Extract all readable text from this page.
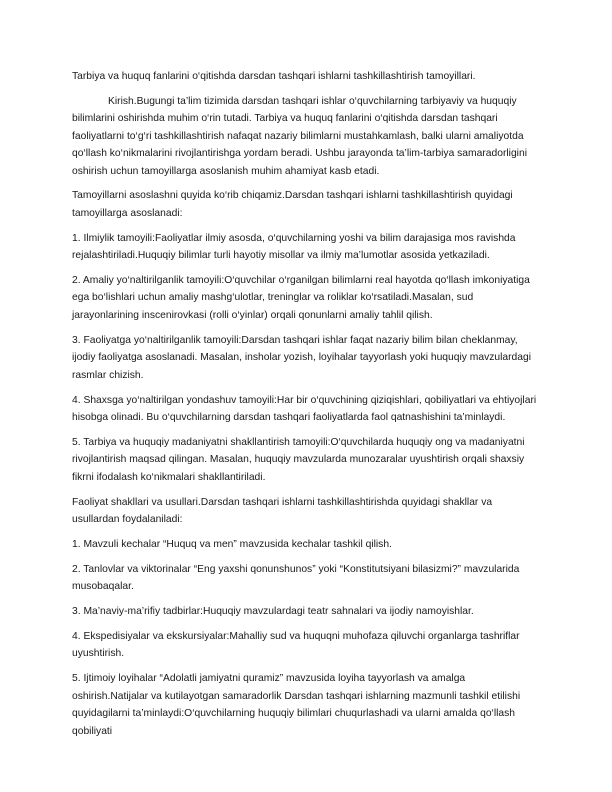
Tarbiya va huquq fanlarini o‘qitishda darsdan tashqari ishlarni tashkillashtirish tamoyillari.

Kirish.Bugungi ta’lim tizimida darsdan tashqari ishlar o‘quvchilarning tarbiyaviy va huquqiy bilimlarini oshirishda muhim o‘rin tutadi. Tarbiya va huquq fanlarini o‘qitishda darsdan tashqari faoliyatlarni to‘g‘ri tashkillashtirish nafaqat nazariy bilimlarni mustahkamlash, balki ularni amaliyotda qo‘llash ko‘nikmalarini rivojlantirishga yordam beradi. Ushbu jarayonda ta’lim-tarbiya samaradorligini oshirish uchun tamoyillarga asoslanish muhim ahamiyat kasb etadi.

Tamoyillarni asoslashni quyida ko‘rib chiqamiz.Darsdan tashqari ishlarni tashkillashtirish quyidagi tamoyillarga asoslanadi:

1. Ilmiylik tamoyili:Faoliyatlar ilmiy asosda, o‘quvchilarning yoshi va bilim darajasiga mos ravishda rejalashtiriladi.Huquqiy bilimlar turli hayotiy misollar va ilmiy ma’lumotlar asosida yetkaziladi.

2. Amaliy yo‘naltirilganlik tamoyili:O‘quvchilar o‘rganilgan bilimlarni real hayotda qo‘llash imkoniyatiga ega bo‘lishlari uchun amaliy mashg‘ulotlar, treninglar va roliklar ko‘rsatiladi.Masalan, sud jarayonlarining inscenirovkasi (rolli o‘yinlar) orqali qonunlarni amaliy tahlil qilish.

3. Faoliyatga yo‘naltirilganlik tamoyili:Darsdan tashqari ishlar faqat nazariy bilim bilan cheklanmay, ijodiy faoliyatga asoslanadi. Masalan, insholar yozish, loyihalar tayyorlash yoki huquqiy mavzulardagi rasmlar chizish.

4. Shaxsga yo‘naltirilgan yondashuv tamoyili:Har bir o‘quvchining qiziqishlari, qobiliyatlari va ehtiyojlari hisobga olinadi. Bu o‘quvchilarning darsdan tashqari faoliyatlarda faol qatnashishini ta’minlaydi.

5. Tarbiya va huquqiy madaniyatni shakllantirish tamoyili:O‘quvchilarda huquqiy ong va madaniyatni rivojlantirish maqsad qilingan. Masalan, huquqiy mavzularda munozaralar uyushtirish orqali shaxsiy fikrni ifodalash ko‘nikmalari shakllantiriladi.

Faoliyat shakllari va usullari.Darsdan tashqari ishlarni tashkillashtirishda quyidagi shakllar va usullardan foydalaniladi:

1. Mavzuli kechalar “Huquq va men” mavzusida kechalar tashkil qilish.

2. Tanlovlar va viktorinalar “Eng yaxshi qonunshunos” yoki “Konstitutsiyani bilasizmi?” mavzularida musobaqalar.

3. Ma’naviy-ma’rifiy tadbirlar:Huquqiy mavzulardagi teatr sahnalari va ijodiy namoyishlar.

4. Ekspedisiyalar va ekskursiyalar:Mahalliy sud va huquqni muhofaza qiluvchi organlarga tashriflar uyushtirish.

5. Ijtimoiy loyihalar “Adolatli jamiyatni quramiz” mavzusida loyiha tayyorlash va amalga oshirish.Natijalar va kutilayotgan samaradorlik Darsdan tashqari ishlarning mazmunli tashkil etilishi quyidagilarni ta’minlaydi:O‘quvchilarning huquqiy bilimlari chuqurlashadi va ularni amalda qo‘llash qobiliyati
